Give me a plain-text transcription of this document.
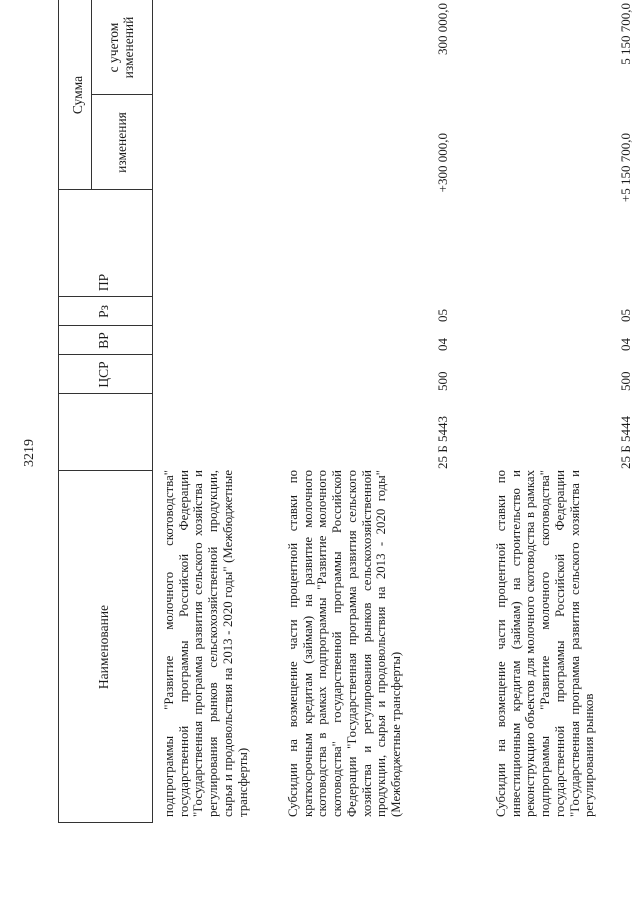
3219
Наименование
ЦСР
ВР
Рз
ПР
Сумма
изменения
с учетом изменений
подпрограммы "Развитие молочного скотоводства" государственной программы Российской Федерации "Государственная программа развития сельского хозяйства и регулирования рынков сельскохозяйственной продукции, сырья и продовольствия на 2013 - 2020 годы" (Межбюджетные трансферты)	Субсидии на возмещение части процентной ставки по краткосрочным кредитам (займам) на развитие молочного скотоводства в рамках подпрограммы "Развитие молочного скотоводства" государственной программы Российской Федерации "Государственная программа развития сельского хозяйства и регулирования рынков сельскохозяйственной продукции, сырья и продовольствия на 2013 - 2020 годы" (Межбюджетные трансферты)
25 Б 5443
500
04
05
+300 000,0
300 000,0
Субсидии на возмещение части процентной ставки по инвестиционным кредитам (займам) на строительство и реконструкцию объектов для молочного скотоводства в рамках подпрограммы "Развитие молочного скотоводства" государственной программы Российской Федерации "Государственная программа развития сельского хозяйства и регулирования рынков
25 Б 5444
500
04
05
+5 150 700,0
5 150 700,0
